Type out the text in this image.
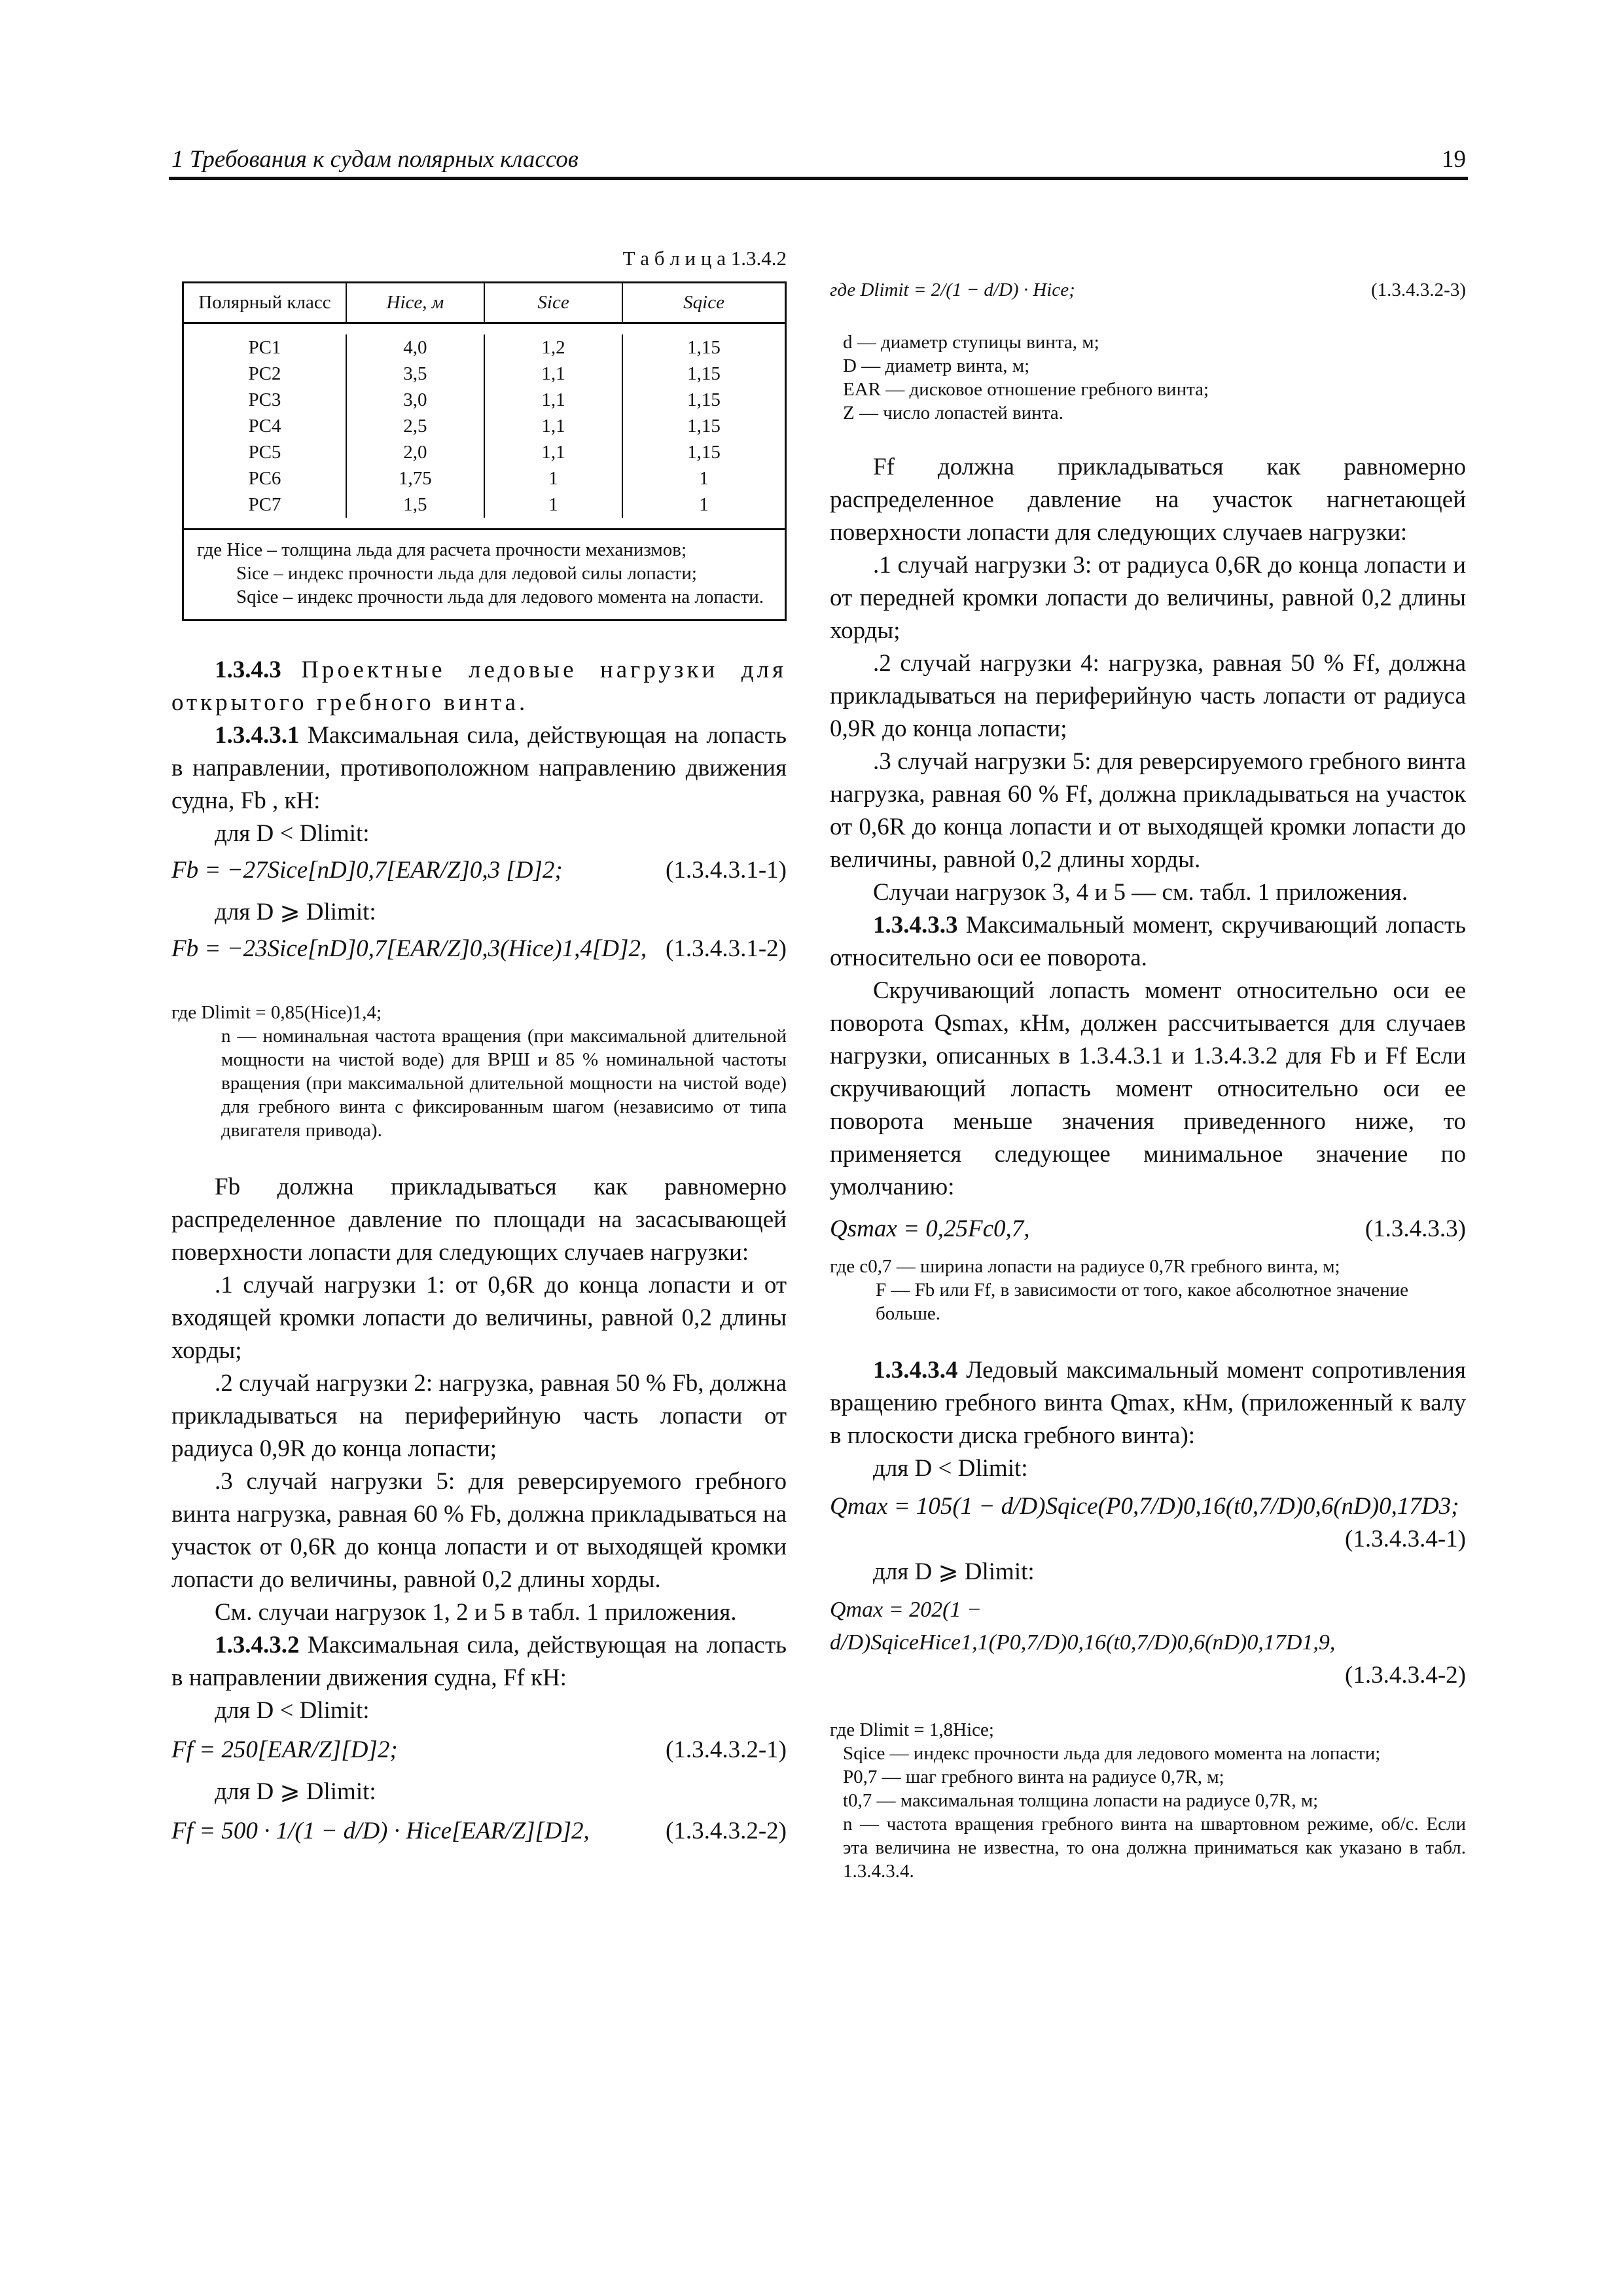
1 Требования к судам полярных классов	19
Т а б л и ц а 1.3.4.2
Полярный класс	Hice, м	Sice	Sqice

PC1	4,0	1,2	1,15
PC2	3,5	1,1	1,15
PC3	3,0	1,1	1,15
PC4	2,5	1,1	1,15
PC5	2,0	1,1	1,15
PC6	1,75	1	1
PC7	1,5	1	1

где Hice – толщина льда для расчета прочности механизмов;
Sice – индекс прочности льда для ледовой силы лопасти;
Sqice – индекс прочности льда для ледового момента на лопасти.

1.3.4.3 Проектные ледовые нагрузки для открытого гребного винта.

1.3.4.3.1 Максимальная сила, действующая на лопасть в направлении, противоположном направлению движения судна, Fb , кН:

для D < Dlimit:

Fb = −27Sice[nD]0,7[EAR/Z]0,3 [D]2;	(1.3.4.3.1-1)

для D ⩾ Dlimit:

Fb = −23Sice[nD]0,7[EAR/Z]0,3(Hice)1,4[D]2, (1.3.4.3.1-2)
где Dlimit = 0,85(Hice)1,4;
n — номинальная частота вращения (при максимальной длительной мощности на чистой воде) для ВРШ и 85 % номинальной частоты вращения (при максимальной длительной мощности на чистой воде) для гребного винта с фиксированным шагом (независимо от типа двигателя привода).

Fb должна прикладываться как равномерно распределенное давление по площади на засасывающей поверхности лопасти для следующих случаев нагрузки:

.1 случай нагрузки 1: от 0,6R до конца лопасти и от входящей кромки лопасти до величины, равной 0,2 длины хорды;

.2 случай нагрузки 2: нагрузка, равная 50 % Fb, должна прикладываться на периферийную часть лопасти от радиуса 0,9R до конца лопасти;

.3 случай нагрузки 5: для реверсируемого гребного винта нагрузка, равная 60 % Fb, должна прикладываться на участок от 0,6R до конца лопасти и от выходящей кромки лопасти до величины, равной 0,2 длины хорды.

См. случаи нагрузок 1, 2 и 5 в табл. 1 приложения.

1.3.4.3.2 Максимальная сила, действующая на лопасть в направлении движения судна, Ff кН:

для D < Dlimit:

Ff = 250[EAR/Z][D]2;	(1.3.4.3.2-1)

для D ⩾ Dlimit:

Ff = 500 · 1/(1 − d/D) · Hice[EAR/Z][D]2,	(1.3.4.3.2-2)
где Dlimit = 2/(1 − d/D) · Hice;	(1.3.4.3.2-3)
d — диаметр ступицы винта, м;
D — диаметр винта, м;
EAR — дисковое отношение гребного винта;
Z — число лопастей винта.

Ff должна прикладываться как равномерно распределенное давление на участок нагнетающей поверхности лопасти для следующих случаев нагрузки:

.1 случай нагрузки 3: от радиуса 0,6R до конца лопасти и от передней кромки лопасти до величины, равной 0,2 длины хорды;

.2 случай нагрузки 4: нагрузка, равная 50 % Ff, должна прикладываться на периферийную часть лопасти от радиуса 0,9R до конца лопасти;

.3 случай нагрузки 5: для реверсируемого гребного винта нагрузка, равная 60 % Ff, должна прикладываться на участок от 0,6R до конца лопасти и от выходящей кромки лопасти до величины, равной 0,2 длины хорды.

Случаи нагрузок 3, 4 и 5 — см. табл. 1 приложения.

1.3.4.3.3 Максимальный момент, скручивающий лопасть относительно оси ее поворота.

Скручивающий лопасть момент относительно оси ее поворота Qsmax, кНм, должен рассчитывается для случаев нагрузки, описанных в 1.3.4.3.1 и 1.3.4.3.2 для Fb и Ff Если скручивающий лопасть момент относительно оси ее поворота меньше значения приведенного ниже, то применяется следующее минимальное значение по умолчанию:

Qsmax = 0,25Fc0,7,	(1.3.4.3.3)
где c0,7 — ширина лопасти на радиусе 0,7R гребного винта, м;
F — Fb или Ff, в зависимости от того, какое абсолютное значение больше.

1.3.4.3.4 Ледовый максимальный момент сопротивления вращению гребного винта Qmax, кНм, (приложенный к валу в плоскости диска гребного винта):

для D < Dlimit:

Qmax = 105(1 − d/D)Sqice(P0,7/D)0,16(t0,7/D)0,6(nD)0,17D3;
(1.3.4.3.4-1)

для D ⩾ Dlimit:

Qmax = 202(1 − d/D)SqiceHice1,1(P0,7/D)0,16(t0,7/D)0,6(nD)0,17D1,9,
(1.3.4.3.4-2)
где Dlimit = 1,8Hice;
Sqice — индекс прочности льда для ледового момента на лопасти;
P0,7 — шаг гребного винта на радиусе 0,7R, м;
t0,7 — максимальная толщина лопасти на радиусе 0,7R, м;
n — частота вращения гребного винта на швартовном режиме, об/с. Если эта величина не известна, то она должна приниматься как указано в табл. 1.3.4.3.4.
